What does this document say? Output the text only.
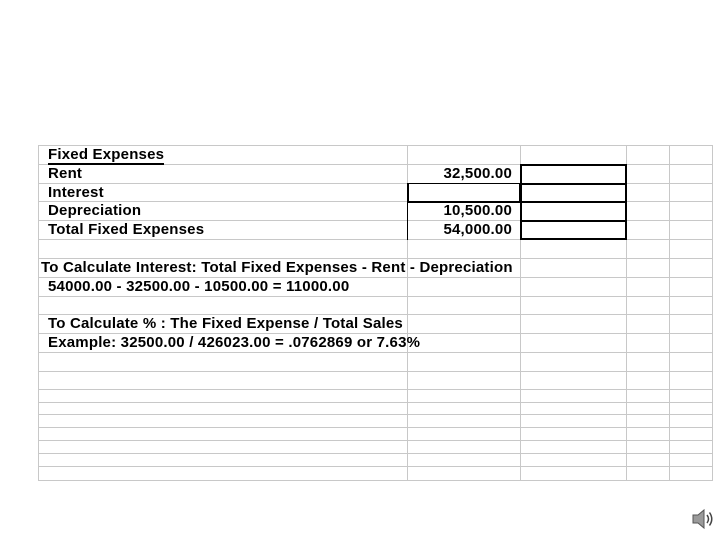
Fixed Expenses
Rent	32,500.00
Interest
Depreciation	10,500.00
Total Fixed Expenses	54,000.00
To Calculate Interest: Total Fixed Expenses - Rent - Depreciation
54000.00 - 32500.00 - 10500.00 = 11000.00
To Calculate % : The Fixed Expense / Total Sales
Example: 32500.00 / 426023.00 = .0762869 or 7.63%
